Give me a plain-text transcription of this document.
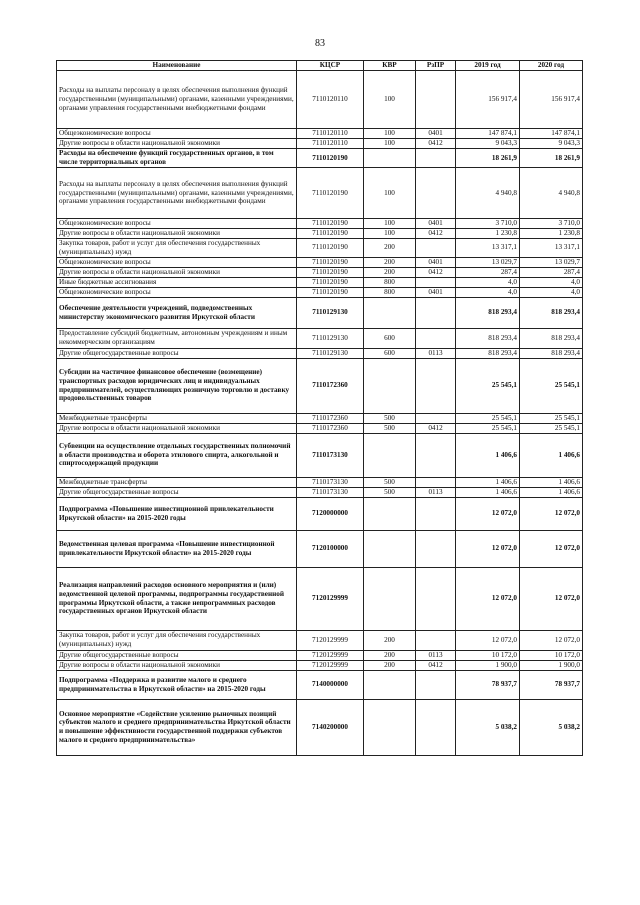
83
Наименование	КЦСР	КВР	РзПР	2019 год	2020 год
Расходы на выплаты персоналу в целях обеспечения выполнения функций государственными (муниципальными) органами, казенными учреждениями, органами управления государственными внебюджетными фондами	7110120110	100		156 917,4	156 917,4
Общеэкономические вопросы	7110120110	100	0401	147 874,1	147 874,1
Другие вопросы в области национальной экономики	7110120110	100	0412	9 043,3	9 043,3
Расходы на обеспечение функций государственных органов, в том числе территориальных органов	7110120190			18 261,9	18 261,9
Расходы на выплаты персоналу в целях обеспечения выполнения функций государственными (муниципальными) органами, казенными учреждениями, органами управления государственными внебюджетными фондами	7110120190	100		4 940,8	4 940,8
Общеэкономические вопросы	7110120190	100	0401	3 710,0	3 710,0
Другие вопросы в области национальной экономики	7110120190	100	0412	1 230,8	1 230,8
Закупка товаров, работ и услуг для обеспечения государственных (муниципальных) нужд	7110120190	200		13 317,1	13 317,1
Общеэкономические вопросы	7110120190	200	0401	13 029,7	13 029,7
Другие вопросы в области национальной экономики	7110120190	200	0412	287,4	287,4
Иные бюджетные ассигнования	7110120190	800		4,0	4,0
Общеэкономические вопросы	7110120190	800	0401	4,0	4,0
Обеспечение деятельности учреждений, подведомственных министерству экономического развития Иркутской области	7110129130			818 293,4	818 293,4
Предоставление субсидий бюджетным, автономным учреждениям и иным некоммерческим организациям	7110129130	600		818 293,4	818 293,4
Другие общегосударственные вопросы	7110129130	600	0113	818 293,4	818 293,4
Субсидии на частичное финансовое обеспечение (возмещение) транспортных расходов юридических лиц и индивидуальных предпринимателей, осуществляющих розничную торговлю и доставку продовольственных товаров	7110172360			25 545,1	25 545,1
Межбюджетные трансферты	7110172360	500		25 545,1	25 545,1
Другие вопросы в области национальной экономики	7110172360	500	0412	25 545,1	25 545,1
Субвенции на осуществление отдельных государственных полномочий в области производства и оборота этилового спирта, алкогольной и спиртосодержащей продукции	7110173130			1 406,6	1 406,6
Межбюджетные трансферты	7110173130	500		1 406,6	1 406,6
Другие общегосударственные вопросы	7110173130	500	0113	1 406,6	1 406,6
Подпрограмма «Повышение инвестиционной привлекательности Иркутской области» на 2015-2020 годы	7120000000			12 072,0	12 072,0
Ведомственная целевая программа «Повышение инвестиционной привлекательности Иркутской области» на 2015-2020 годы	7120100000			12 072,0	12 072,0
Реализация направлений расходов основного мероприятия и (или) ведомственной целевой программы, подпрограммы государственной программы Иркутской области, а также непрограммных расходов государственных органов Иркутской области	7120129999			12 072,0	12 072,0
Закупка товаров, работ и услуг для обеспечения государственных (муниципальных) нужд	7120129999	200		12 072,0	12 072,0
Другие общегосударственные вопросы	7120129999	200	0113	10 172,0	10 172,0
Другие вопросы в области национальной экономики	7120129999	200	0412	1 900,0	1 900,0
Подпрограмма «Поддержка и развитие малого и среднего предпринимательства в Иркутской области» на 2015-2020 годы	7140000000			78 937,7	78 937,7
Основное мероприятие «Содействие усилению рыночных позиций субъектов малого и среднего предпринимательства Иркутской области и повышение эффективности государственной поддержки субъектов малого и среднего предпринимательства»	7140200000			5 038,2	5 038,2
